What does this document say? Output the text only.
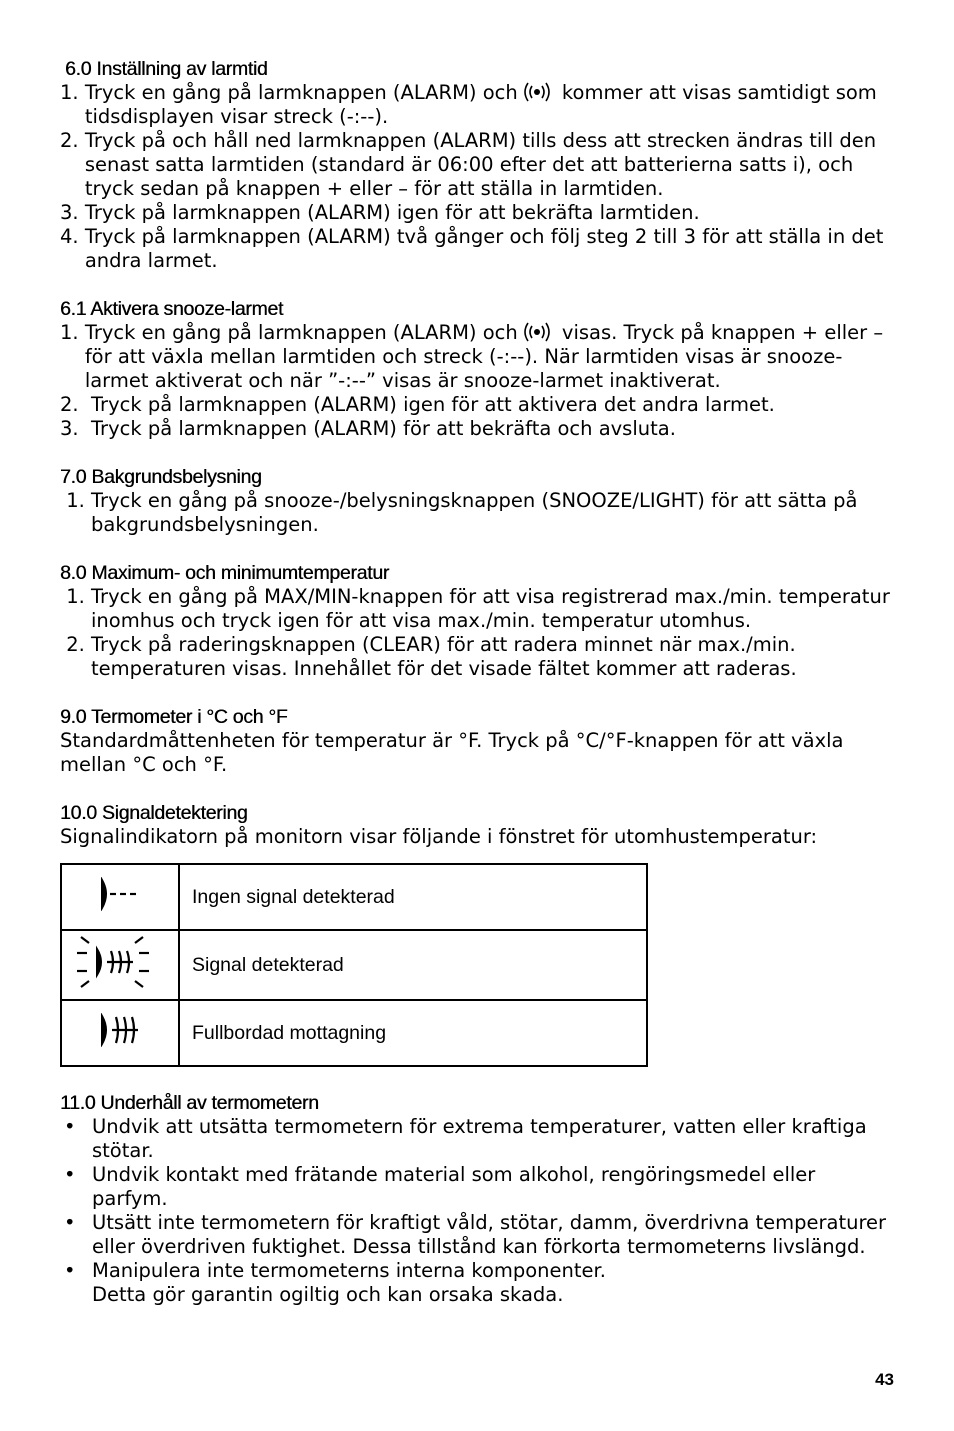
6.0 Inställning av larmtid
1. Tryck en gång på larmknappen (ALARM) och kommer att visas samtidigt som tidsdisplayen visar streck (-:--).
2. Tryck på och håll ned larmknappen (ALARM) tills dess att strecken ändras till den senast satta larmtiden (standard är 06:00 efter det att batterierna satts i), och tryck sedan på knappen + eller – för att ställa in larmtiden.
3. Tryck på larmknappen (ALARM) igen för att bekräfta larmtiden.
4. Tryck på larmknappen (ALARM) två gånger och följ steg 2 till 3 för att ställa in det andra larmet.
6.1 Aktivera snooze-larmet
1. Tryck en gång på larmknappen (ALARM) och visas. Tryck på knappen + eller – för att växla mellan larmtiden och streck (-:--). När larmtiden visas är snooze-larmet aktiverat och när ”-:--” visas är snooze-larmet inaktiverat.
2. Tryck på larmknappen (ALARM) igen för att aktivera det andra larmet.
3. Tryck på larmknappen (ALARM) för att bekräfta och avsluta.
7.0 Bakgrundsbelysning
1. Tryck en gång på snooze-/belysningsknappen (SNOOZE/LIGHT) för att sätta på bakgrundsbelysningen.
8.0 Maximum- och minimumtemperatur
1. Tryck en gång på MAX/MIN-knappen för att visa registrerad max./min. temperatur inomhus och tryck igen för att visa max./min. temperatur utomhus.
2. Tryck på raderingsknappen (CLEAR) för att radera minnet när max./min. temperaturen visas. Innehållet för det visade fältet kommer att raderas.
9.0 Termometer i °C och °F

Standardmåttenheten för temperatur är °F. Tryck på °C/°F-knappen för att växla mellan °C och °F.

10.0 Signaldetektering

Signalindikatorn på monitorn visar följande i fönstret för utomhustemperatur:

	Ingen signal detekterad
	Signal detekterad
	Fullbordad mottagning
11.0 Underhåll av termometern
• Undvik att utsätta termometern för extrema temperaturer, vatten eller kraftiga stötar.
• Undvik kontakt med frätande material som alkohol, rengöringsmedel eller parfym.
• Utsätt inte termometern för kraftigt våld, stötar, damm, överdrivna temperaturer eller överdriven fuktighet. Dessa tillstånd kan förkorta termometerns livslängd.
• Manipulera inte termometerns interna komponenter.
Detta gör garantin ogiltig och kan orsaka skada.
43
